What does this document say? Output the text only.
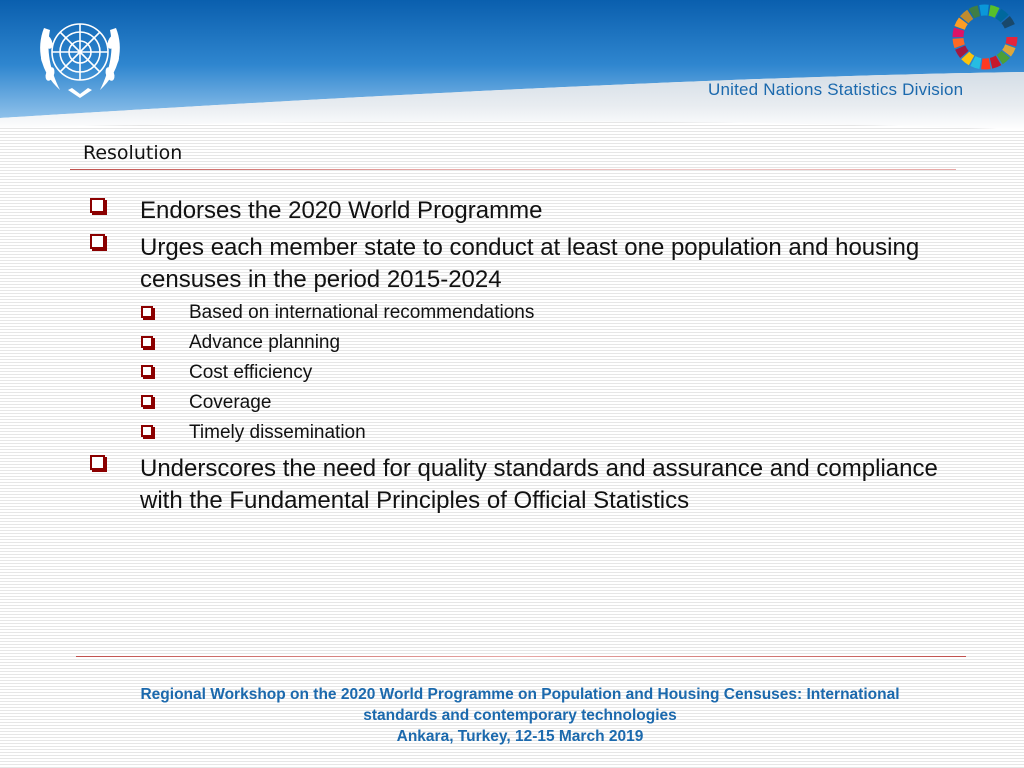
United Nations Statistics Division
Resolution
Endorses the 2020 World Programme
Urges each member state to conduct at least one population and housing censuses in the period 2015-2024
Based on international recommendations
Advance planning
Cost efficiency
Coverage
Timely dissemination
Underscores the need for quality standards and assurance and compliance with the Fundamental Principles of Official Statistics
Regional Workshop on the 2020 World Programme on Population and Housing Censuses: International
standards and contemporary technologies
Ankara, Turkey, 12-15 March 2019
